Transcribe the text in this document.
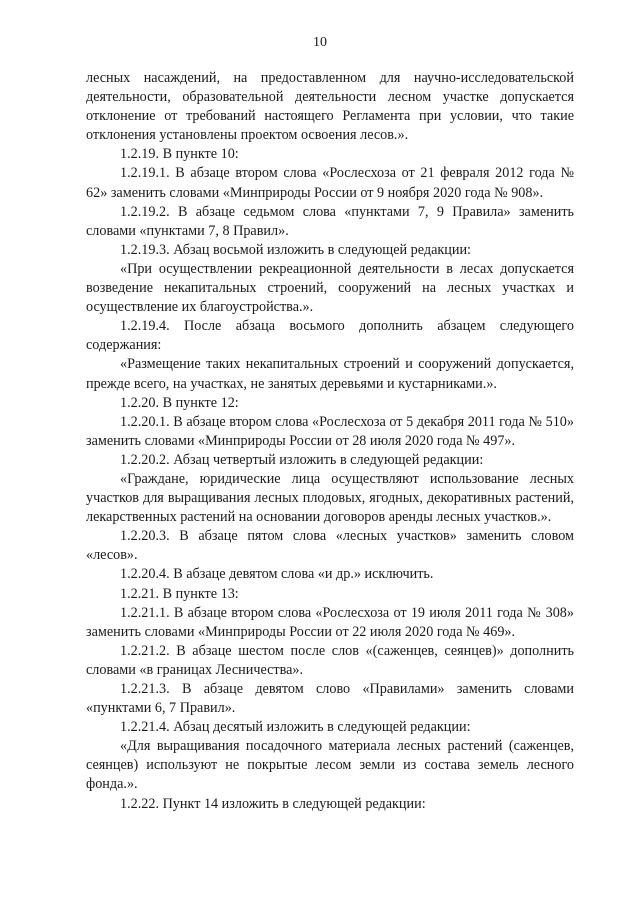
10

лесных насаждений, на предоставленном для научно-исследовательской деятельности, образовательной деятельности лесном участке допускается отклонение от требований настоящего Регламента при условии, что такие отклонения установлены проектом освоения лесов.».

1.2.19. В пункте 10:

1.2.19.1. В абзаце втором слова «Рослесхоза от 21 февраля 2012 года № 62» заменить словами «Минприроды России от 9 ноября 2020 года № 908».

1.2.19.2. В абзаце седьмом слова «пунктами 7, 9 Правила» заменить словами «пунктами 7, 8 Правил».

1.2.19.3. Абзац восьмой изложить в следующей редакции:

«При осуществлении рекреационной деятельности в лесах допускается возведение некапитальных строений, сооружений на лесных участках и осуществление их благоустройства.».

1.2.19.4. После абзаца восьмого дополнить абзацем следующего содержания:

«Размещение таких некапитальных строений и сооружений допускается, прежде всего, на участках, не занятых деревьями и кустарниками.».

1.2.20. В пункте 12:

1.2.20.1. В абзаце втором слова «Рослесхоза от 5 декабря 2011 года № 510» заменить словами «Минприроды России от 28 июля 2020 года № 497».

1.2.20.2. Абзац четвертый изложить в следующей редакции:

«Граждане, юридические лица осуществляют использование лесных участков для выращивания лесных плодовых, ягодных, декоративных растений, лекарственных растений на основании договоров аренды лесных участков.».

1.2.20.3. В абзаце пятом слова «лесных участков» заменить словом «лесов».

1.2.20.4. В абзаце девятом слова «и др.» исключить.

1.2.21. В пункте 13:

1.2.21.1. В абзаце втором слова «Рослесхоза от 19 июля 2011 года № 308» заменить словами «Минприроды России от 22 июля 2020 года № 469».

1.2.21.2. В абзаце шестом после слов «(саженцев, сеянцев)» дополнить словами «в границах Лесничества».

1.2.21.3. В абзаце девятом слово «Правилами» заменить словами «пунктами 6, 7 Правил».

1.2.21.4. Абзац десятый изложить в следующей редакции:

«Для выращивания посадочного материала лесных растений (саженцев, сеянцев) используют не покрытые лесом земли из состава земель лесного фонда.».

1.2.22. Пункт 14 изложить в следующей редакции:
